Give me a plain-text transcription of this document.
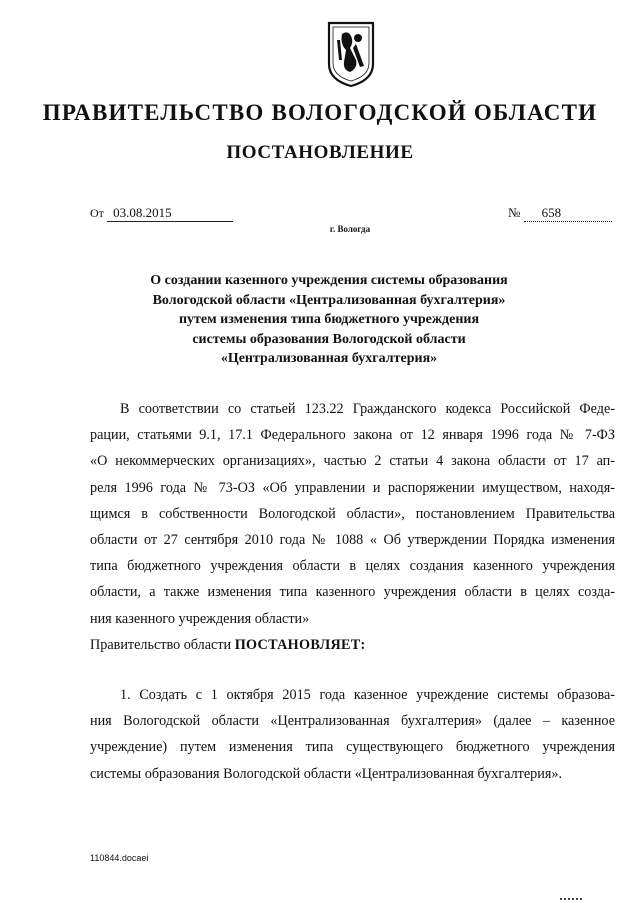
ПРАВИТЕЛЬСТВО ВОЛОГОДСКОЙ ОБЛАСТИ
ПОСТАНОВЛЕНИЕ
От 03.08.2015	№ 658
г. Вологда
О создании казенного учреждения системы образования
Вологодской области «Централизованная бухгалтерия»
путем изменения типа бюджетного учреждения
системы образования Вологодской области
«Централизованная бухгалтерия»
В соответствии со статьей 123.22 Гражданского кодекса Российской Феде-
рации, статьями 9.1, 17.1 Федерального закона от 12 января 1996 года № 7-ФЗ
«О некоммерческих организациях», частью 2 статьи 4 закона области от 17 ап-
реля 1996 года № 73-ОЗ «Об управлении и распоряжении имуществом, находя-
щимся в собственности Вологодской области», постановлением Правительства
области от 27 сентября 2010 года № 1088 « Об утверждении Порядка изменения
типа бюджетного учреждения области в целях создания казенного учреждения
области, а также изменения типа казенного учреждения области в целях созда-
ния казенного учреждения области»
Правительство области ПОСТАНОВЛЯЕТ:
1. Создать с 1 октября 2015 года казенное учреждение системы образова-
ния Вологодской области «Централизованная бухгалтерия» (далее – казенное
учреждение) путем изменения типа существующего бюджетного учреждения
системы образования Вологодской области «Централизованная бухгалтерия».
110844.docaei
